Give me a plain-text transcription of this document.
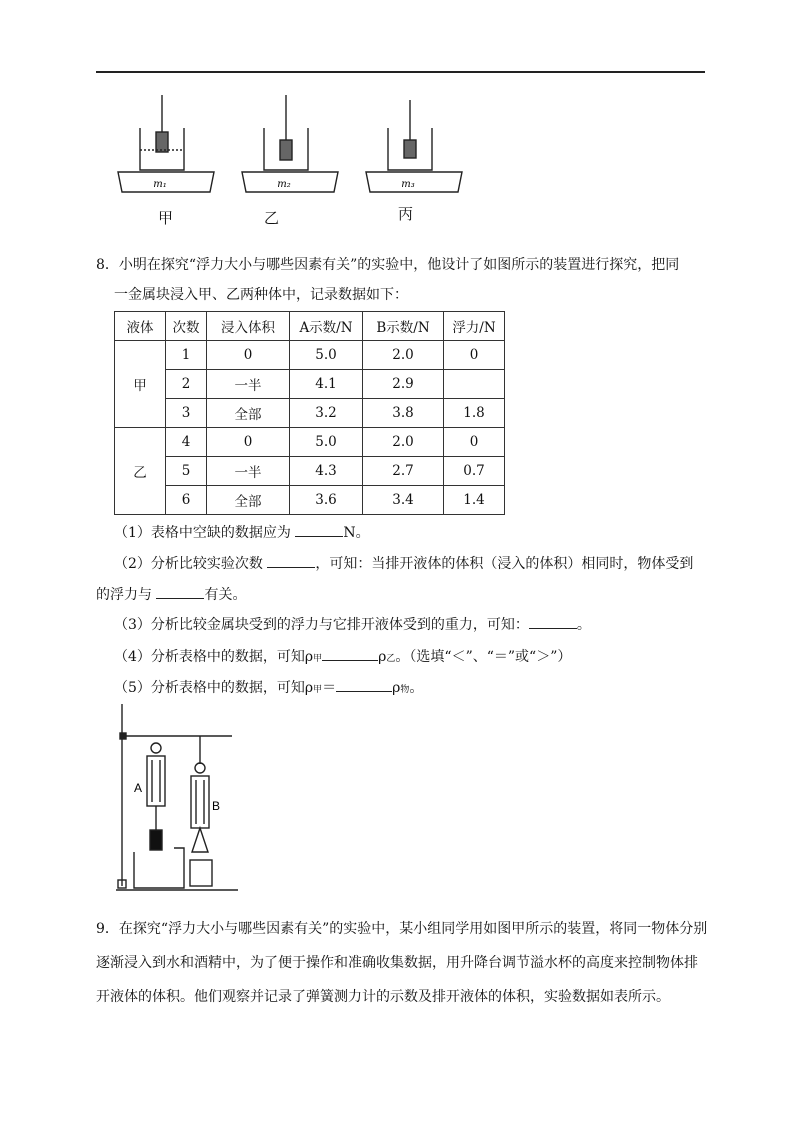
m₁	m₂	m₃
甲	乙	丙
8．小明在探究“浮力大小与哪些因素有关”的实验中，他设计了如图所示的装置进行探究，把同
一金属块浸入甲、乙两种体中，记录数据如下：
液体	次数	浸入体积	A示数/N	B示数/N	浮力/N
甲	1	0	5.0	2.0	0
	2	一半	4.1	2.9	
	3	全部	3.2	3.8	1.8
乙	4	0	5.0	2.0	0
	5	一半	4.3	2.7	0.7
	6	全部	3.6	3.4	1.4
（1）表格中空缺的数据应为	N。
（2）分析比较实验次数	，可知：当排开液体的体积（浸入的体积）相同时，物体受到
的浮力与	有关。
（3）分析比较金属块受到的浮力与它排开液体受到的重力，可知：	。
（4）分析表格中的数据，可知ρ甲	ρ乙。（选填“＜”、“＝”或“＞”）
（5）分析表格中的数据，可知ρ甲＝	ρ物。
A
B
9．在探究“浮力大小与哪些因素有关”的实验中，某小组同学用如图甲所示的装置，将同一物体分别逐渐浸入到水和酒精中，为了便于操作和准确收集数据，用升降台调节溢水杯的高度来控制物体排开液体的体积。他们观察并记录了弹簧测力计的示数及排开液体的体积，实验数据如表所示。
